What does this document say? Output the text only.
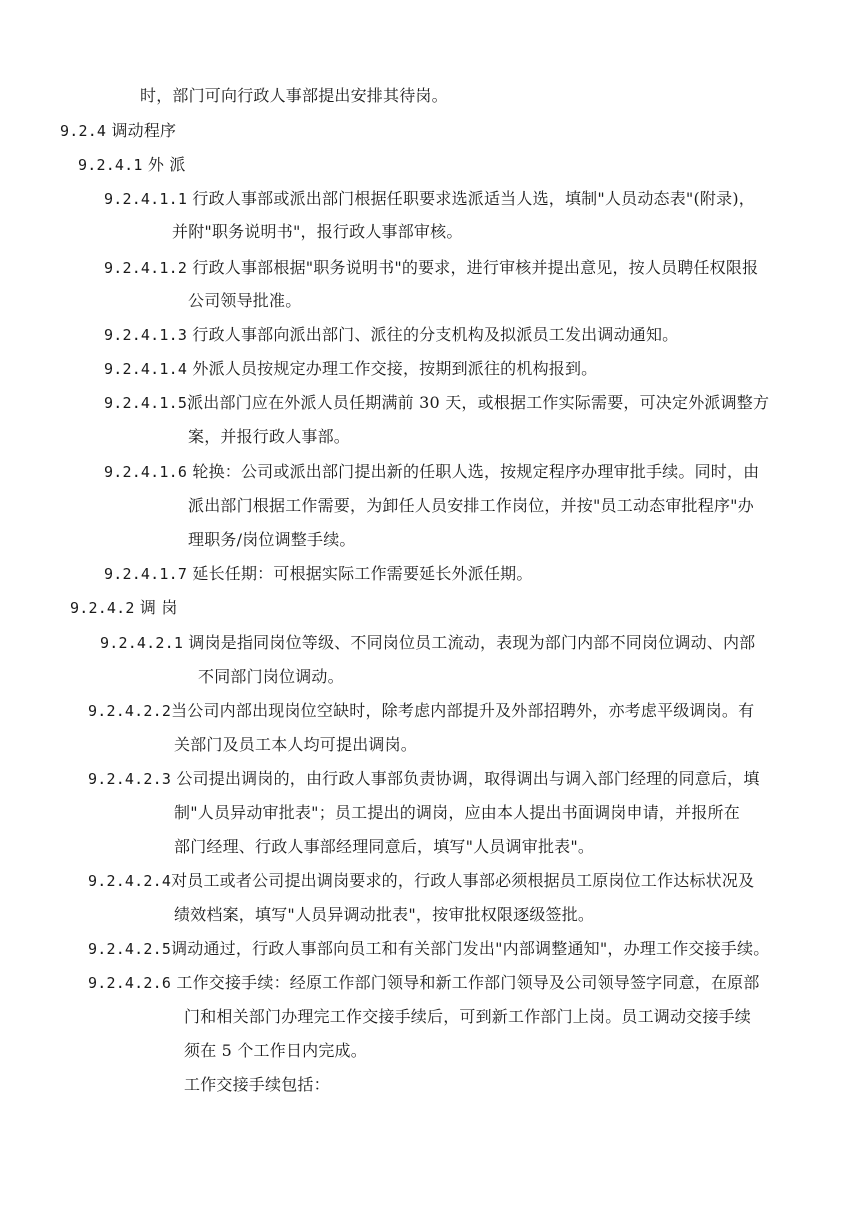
时，部门可向行政人事部提出安排其待岗。
9.2.4 调动程序
9.2.4.1 外 派
9.2.4.1.1 行政人事部或派出部门根据任职要求选派适当人选，填制"人员动态表"(附录)，
并附"职务说明书"，报行政人事部审核。
9.2.4.1.2 行政人事部根据"职务说明书"的要求，进行审核并提出意见，按人员聘任权限报
公司领导批准。
9.2.4.1.3 行政人事部向派出部门、派往的分支机构及拟派员工发出调动通知。
9.2.4.1.4 外派人员按规定办理工作交接，按期到派往的机构报到。
9.2.4.1.5派出部门应在外派人员任期满前 30 天，或根据工作实际需要，可决定外派调整方
案，并报行政人事部。
9.2.4.1.6 轮换：公司或派出部门提出新的任职人选，按规定程序办理审批手续。同时，由
派出部门根据工作需要，为卸任人员安排工作岗位，并按"员工动态审批程序"办
理职务/岗位调整手续。
9.2.4.1.7 延长任期：可根据实际工作需要延长外派任期。
9.2.4.2 调 岗
9.2.4.2.1 调岗是指同岗位等级、不同岗位员工流动，表现为部门内部不同岗位调动、内部
不同部门岗位调动。
9.2.4.2.2当公司内部出现岗位空缺时，除考虑内部提升及外部招聘外，亦考虑平级调岗。有
关部门及员工本人均可提出调岗。
9.2.4.2.3 公司提出调岗的，由行政人事部负责协调，取得调出与调入部门经理的同意后，填
制"人员异动审批表"；员工提出的调岗，应由本人提出书面调岗申请，并报所在
部门经理、行政人事部经理同意后，填写"人员调审批表"。
9.2.4.2.4对员工或者公司提出调岗要求的，行政人事部必须根据员工原岗位工作达标状况及
绩效档案，填写"人员异调动批表"，按审批权限逐级签批。
9.2.4.2.5调动通过，行政人事部向员工和有关部门发出"内部调整通知"，办理工作交接手续。
9.2.4.2.6 工作交接手续：经原工作部门领导和新工作部门领导及公司领导签字同意，在原部
门和相关部门办理完工作交接手续后，可到新工作部门上岗。员工调动交接手续
须在 5 个工作日内完成。
工作交接手续包括：
